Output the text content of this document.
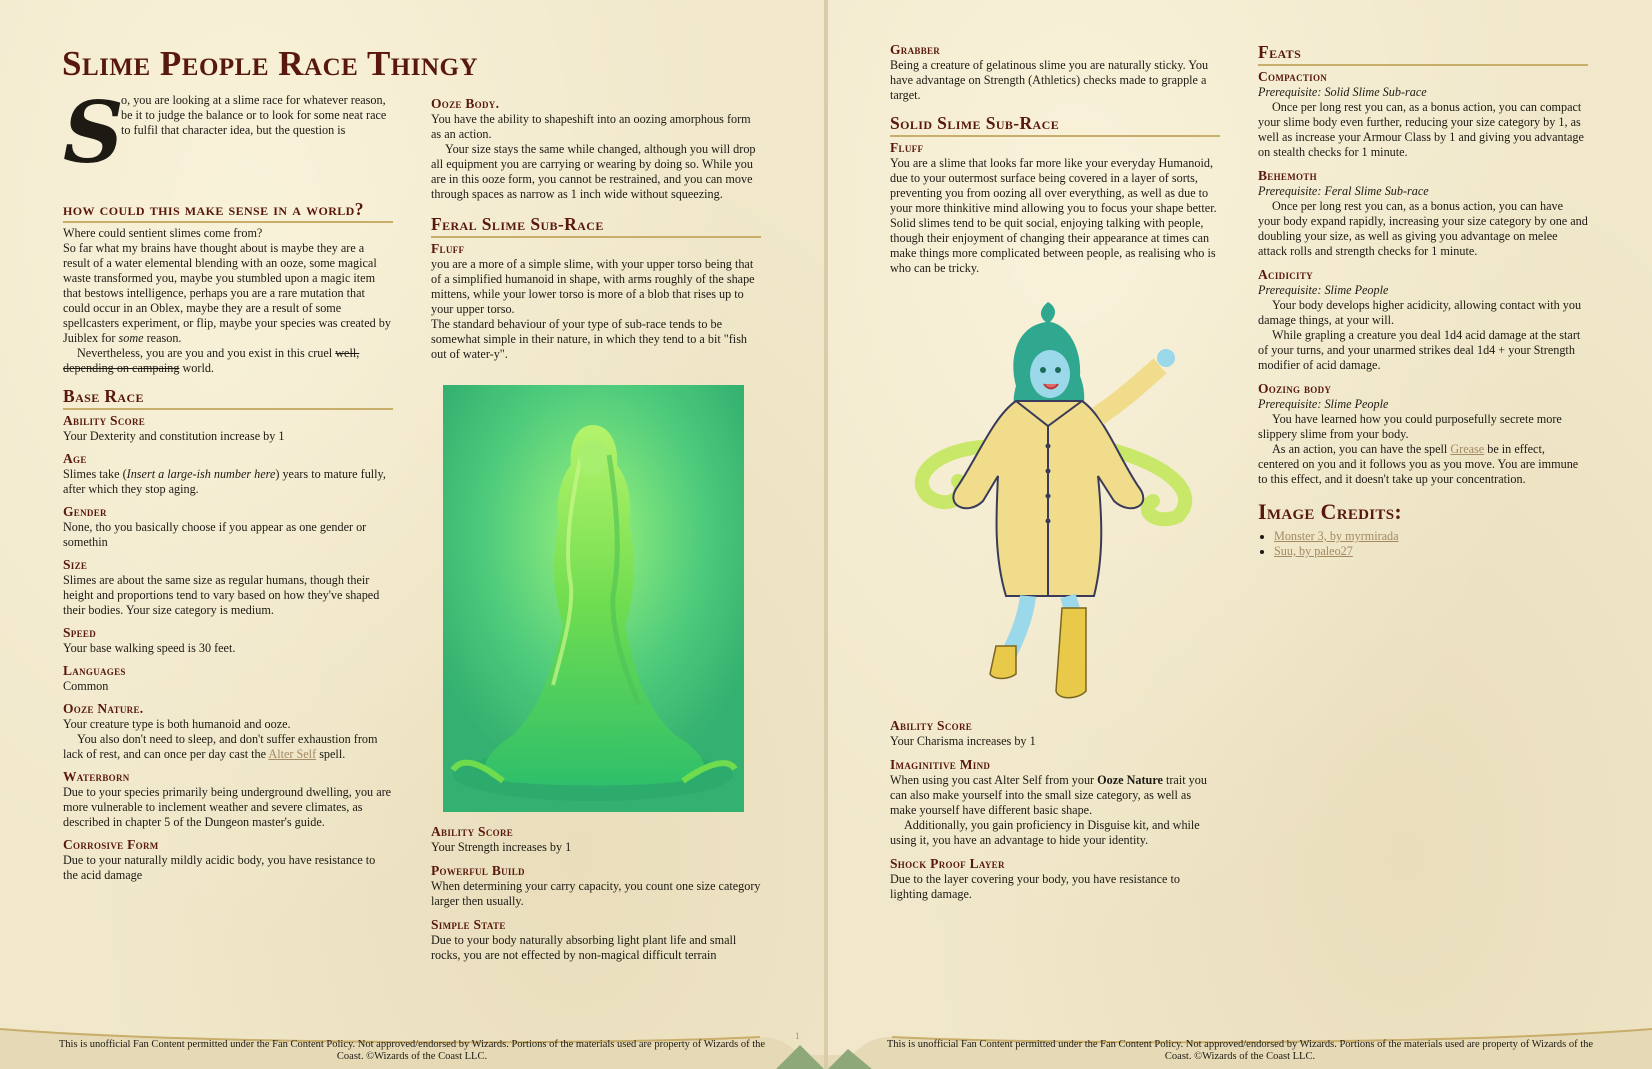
Slime People Race Thingy
S

o, you are looking at a slime race for whatever reason, be it to judge the balance or to look for some neat race to fulfil that character idea, but the question is

how could this make sense in a world?

Where could sentient slimes come from?

So far what my brains have thought about is maybe they are a result of a water elemental blending with an ooze, some magical waste transformed you, maybe you stumbled upon a magic item that bestows intelligence, perhaps you are a rare mutation that could occur in an Oblex, maybe they are a result of some spellcasters experiment, or flip, maybe your species was created by Juiblex for some reason.

Nevertheless, you are you and you exist in this cruel well, depending on campaing world.

Base Race
Ability Score

Your Dexterity and constitution increase by 1

Age

Slimes take (Insert a large-ish number here) years to mature fully, after which they stop aging.

Gender

None, tho you basically choose if you appear as one gender or somethin

Size

Slimes are about the same size as regular humans, though their height and proportions tend to vary based on how they've shaped their bodies. Your size category is medium.

Speed

Your base walking speed is 30 feet.

Languages

Common

Ooze Nature.

Your creature type is both humanoid and ooze.

You also don't need to sleep, and don't suffer exhaustion from lack of rest, and can once per day cast the Alter Self spell.

Waterborn

Due to your species primarily being underground dwelling, you are more vulnerable to inclement weather and severe climates, as described in chapter 5 of the Dungeon master's guide.

Corrosive Form

Due to your naturally mildly acidic body, you have resistance to the acid damage

Ooze Body.

You have the ability to shapeshift into an oozing amorphous form as an action.

Your size stays the same while changed, although you will drop all equipment you are carrying or wearing by doing so. While you are in this ooze form, you cannot be restrained, and you can move through spaces as narrow as 1 inch wide without squeezing.

Feral Slime Sub-Race
Fluff

you are a more of a simple slime, with your upper torso being that of a simplified humanoid in shape, with arms roughly of the shape mittens, while your lower torso is more of a blob that rises up to your upper torso.

The standard behaviour of your type of sub-race tends to be somewhat simple in their nature, in which they tend to a bit "fish out of water-y".

Ability Score

Your Strength increases by 1

Powerful Build

When determining your carry capacity, you count one size category larger then usually.

Simple State

Due to your body naturally absorbing light plant life and small rocks, you are not effected by non-magical difficult terrain

1
This is unofficial Fan Content permitted under the Fan Content Policy. Not approved/endorsed by Wizards. Portions of the materials used are property of Wizards of the Coast. ©Wizards of the Coast LLC.
Grabber

Being a creature of gelatinous slime you are naturally sticky. You have advantage on Strength (Athletics) checks made to grapple a target.

Solid Slime Sub-Race
Fluff

You are a slime that looks far more like your everyday Humanoid, due to your outermost surface being covered in a layer of sorts, preventing you from oozing all over everything, as well as due to your more thinkitive mind allowing you to focus your shape better.

Solid slimes tend to be quit social, enjoying talking with people, though their enjoyment of changing their appearance at times can make things more complicated between people, as realising who is who can be tricky.

Ability Score

Your Charisma increases by 1

Imaginitive Mind

When using you cast Alter Self from your Ooze Nature trait you can also make yourself into the small size category, as well as make yourself have different basic shape.

Additionally, you gain proficiency in Disguise kit, and while using it, you have an advantage to hide your identity.

Shock Proof Layer

Due to the layer covering your body, you have resistance to lighting damage.

Feats
Compaction

Prerequisite: Solid Slime Sub-race

Once per long rest you can, as a bonus action, you can compact your slime body even further, reducing your size category by 1, as well as increase your Armour Class by 1 and giving you advantage on stealth checks for 1 minute.

Behemoth

Prerequisite: Feral Slime Sub-race

Once per long rest you can, as a bonus action, you can have your body expand rapidly, increasing your size category by one and doubling your size, as well as giving you advantage on melee attack rolls and strength checks for 1 minute.

Acidicity

Prerequisite: Slime People

Your body develops higher acidicity, allowing contact with you damage things, at your will.

While grapling a creature you deal 1d4 acid damage at the start of your turns, and your unarmed strikes deal 1d4 + your Strength modifier of acid damage.

Oozing body

Prerequisite: Slime People

You have learned how you could purposefully secrete more slippery slime from your body.

As an action, you can have the spell Grease be in effect, centered on you and it follows you as you move. You are immune to this effect, and it doesn't take up your concentration.

Image Credits:
• Monster 3, by myrmirada
• Suu, by paleo27
This is unofficial Fan Content permitted under the Fan Content Policy. Not approved/endorsed by Wizards. Portions of the materials used are property of Wizards of the Coast. ©Wizards of the Coast LLC.
